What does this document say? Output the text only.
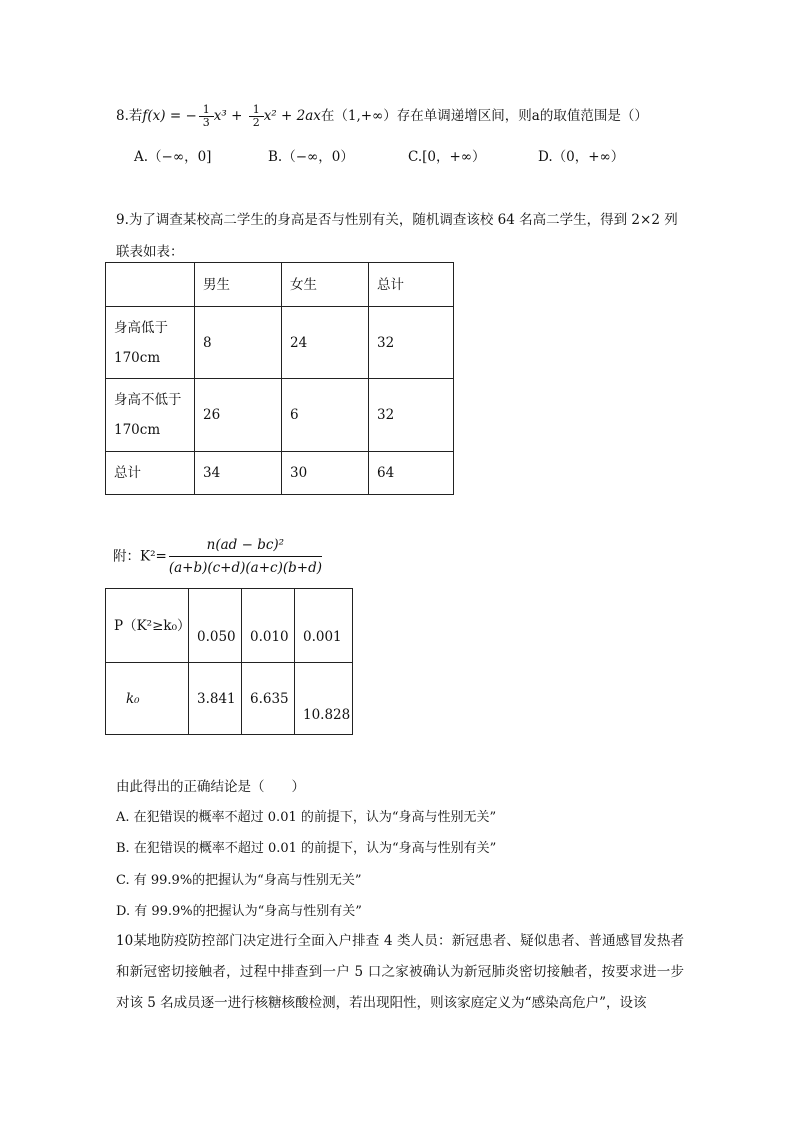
8.若f(x) = − $\frac{1}{3} x^3 + \frac{1}{2} x^2 + 2ax$在（1,+∞）存在单调递增区间，则a的取值范围是（）
A.（−∞，0]	B.（−∞，0）	C.[0，+∞）	D.（0，+∞）
9.为了调查某校高二学生的身高是否与性别有关，随机调查该校 64 名高二学生，得到 2×2 列
联表如表：
	男生	女生	总计
身高低于
170cm	8	24	32
身高不低于
170cm	26	6	32
总计	34	30	64
附：$K^2= \frac{\text{n(ad − bc)²}}{(a+b)(c+d)(a+c)(b+d)}$
P（K²≥k₀）	0.050	0.010	0.001
k₀	3.841	6.635	10.828
由此得出的正确结论是（　　）
A. 在犯错误的概率不超过 0.01 的前提下，认为“身高与性别无关”
B. 在犯错误的概率不超过 0.01 的前提下，认为“身高与性别有关”
C. 有 99.9%的把握认为“身高与性别无关”
D. 有 99.9%的把握认为“身高与性别有关”
10某地防疫防控部门决定进行全面入户排查 4 类人员：新冠患者、疑似患者、普通感冒发热者和新冠密切接触者，过程中排查到一户 5 口之家被确认为新冠肺炎密切接触者，按要求进一步对该 5 名成员逐一进行核糖核酸检测，若出现阳性，则该家庭定义为“感染高危户”，设该
